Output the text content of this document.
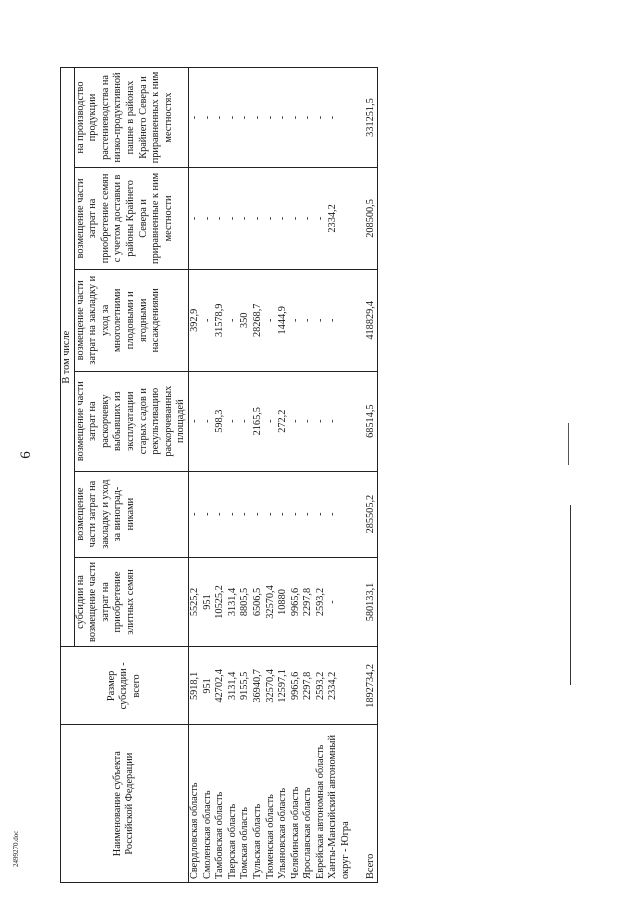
6
2499270.doc	Наименование субъекта Российской Федерации	Размер субсидии - всего	В том числе					
		субсидии на возмещение части затрат на приобретение элитных семян	возмещение части затрат на закладку и уход за виноград-никами	возмещение части затрат на раскорчевку выбывших из эксплуатации старых садов и рекультивацию раскорчеванных площадей	возмещение части затрат на закладку и уход за многолетними плодовыми и ягодными насаждениями	возмещение части затрат на приобретение семян с учетом доставки в районы Крайнего Севера и приравненные к ним местности	на производство продукции растениеводства на низко-продуктивной пашне в районах Крайнего Севера и приравненных к ним местностях
Свердловская область	5918,1	5525,2	-	-	392,9	-	-
Смоленская область	951	951	-	-	-	-	-
Тамбовская область	42702,4	10525,2	-	598,3	31578,9	-	-
Тверская область	3131,4	3131,4	-	-	-	-	-
Томская область	9155,5	8805,5	-	-	350	-	-
Тульская область	36940,7	6506,5	-	2165,5	28268,7	-	-
Тюменская область	32570,4	32570,4	-	-	-	-	-
Ульяновская область	12597,1	10880	-	272,2	1444,9	-	-
Челябинская область	9965,6	9965,6	-	-	-	-	-
Ярославская область	2297,8	2297,8	-	-	-	-	-
Еврейская автономная область	2593,2	2593,2	-	-	-	-	-
Ханты-Мансийский автономный округ - Югра	2334,2	-	-	-	-	2334,2	-
Всего	1892734,2	580133,1	285505,2	68514,5	418829,4	208500,5	331251,5
